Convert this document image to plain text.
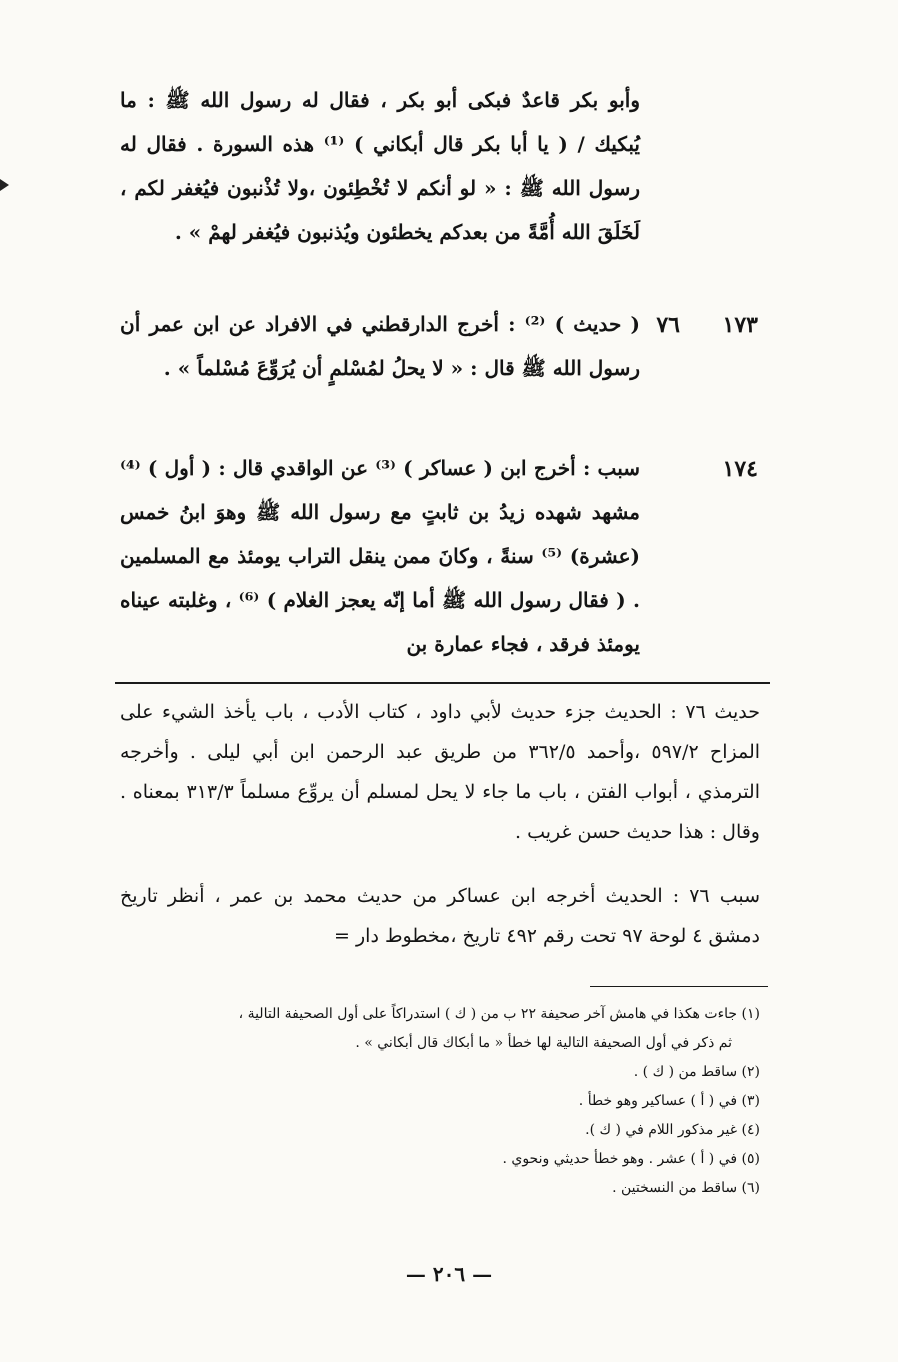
وأبو بكر قاعدٌ فبكى أبو بكر ، فقال له رسول الله ﷺ : ما يُبكيك / ( يا أبا بكر قال أبكاني ) ⁽¹⁾ هذه السورة . فقال له رسول الله ﷺ : « لو أنكم لا تُخْطِئون ،ولا تُذْنبون فيُغفر لكم ، لَخَلَقَ الله أُمَّةً من بعدكم يخطئون ويُذنبون فيُغفر لهمْ » .
١٧٣
٧٦
( حديث ) ⁽²⁾ : أخرج الدارقطني في الافراد عن ابن عمر أن رسول الله ﷺ قال : « لا يحلُ لمُسْلمٍ أن يُرَوِّعَ مُسْلماً » .
١٧٤
سبب : أخرج ابن ( عساكر ) ⁽³⁾ عن الواقدي قال : ( أول ) ⁽⁴⁾ مشهد شهده زيدُ بن ثابتٍ مع رسول الله ﷺ وهوَ ابنُ خمس (عشرة) ⁽⁵⁾ سنةً ، وكانَ ممن ينقل التراب يومئذ مع المسلمين . ( فقال رسول الله ﷺ أما إنّه يعجز الغلام ) ⁽⁶⁾ ، وغلبته عيناه يومئذ فرقد ، فجاء عمارة بن
حديث ٧٦ : الحديث جزء حديث لأبي داود ، كتاب الأدب ، باب يأخذ الشيء على المزاح ٥٩٧/٢ ،وأحمد ٣٦٢/٥ من طريق عبد الرحمن ابن أبي ليلى . وأخرجه الترمذي ، أبواب الفتن ، باب ما جاء لا يحل لمسلم أن يروِّع مسلماً ٣١٣/٣ بمعناه . وقال : هذا حديث حسن غريب .
سبب ٧٦ : الحديث أخرجه ابن عساكر من حديث محمد بن عمر ، أنظر تاريخ دمشق ٤ لوحة ٩٧ تحت رقم ٤٩٢ تاريخ ،مخطوط دار =
(١) جاءت هكذا في هامش آخر صحيفة ٢٢ ب من ( ك ) استدراكاً على أول الصحيفة التالية ،
ثم ذكر في أول الصحيفة التالية لها خطأ « ما أبكاك قال أبكاني » .
(٢) ساقط من ( ك ) .
(٣) في ( أ ) عساكير وهو خطأ .
(٤) غير مذكور اللام في ( ك ).
(٥) في ( أ ) عشر . وهو خطأ حديثي ونحوي .
(٦) ساقط من النسختين .
— ٢٠٦ —
